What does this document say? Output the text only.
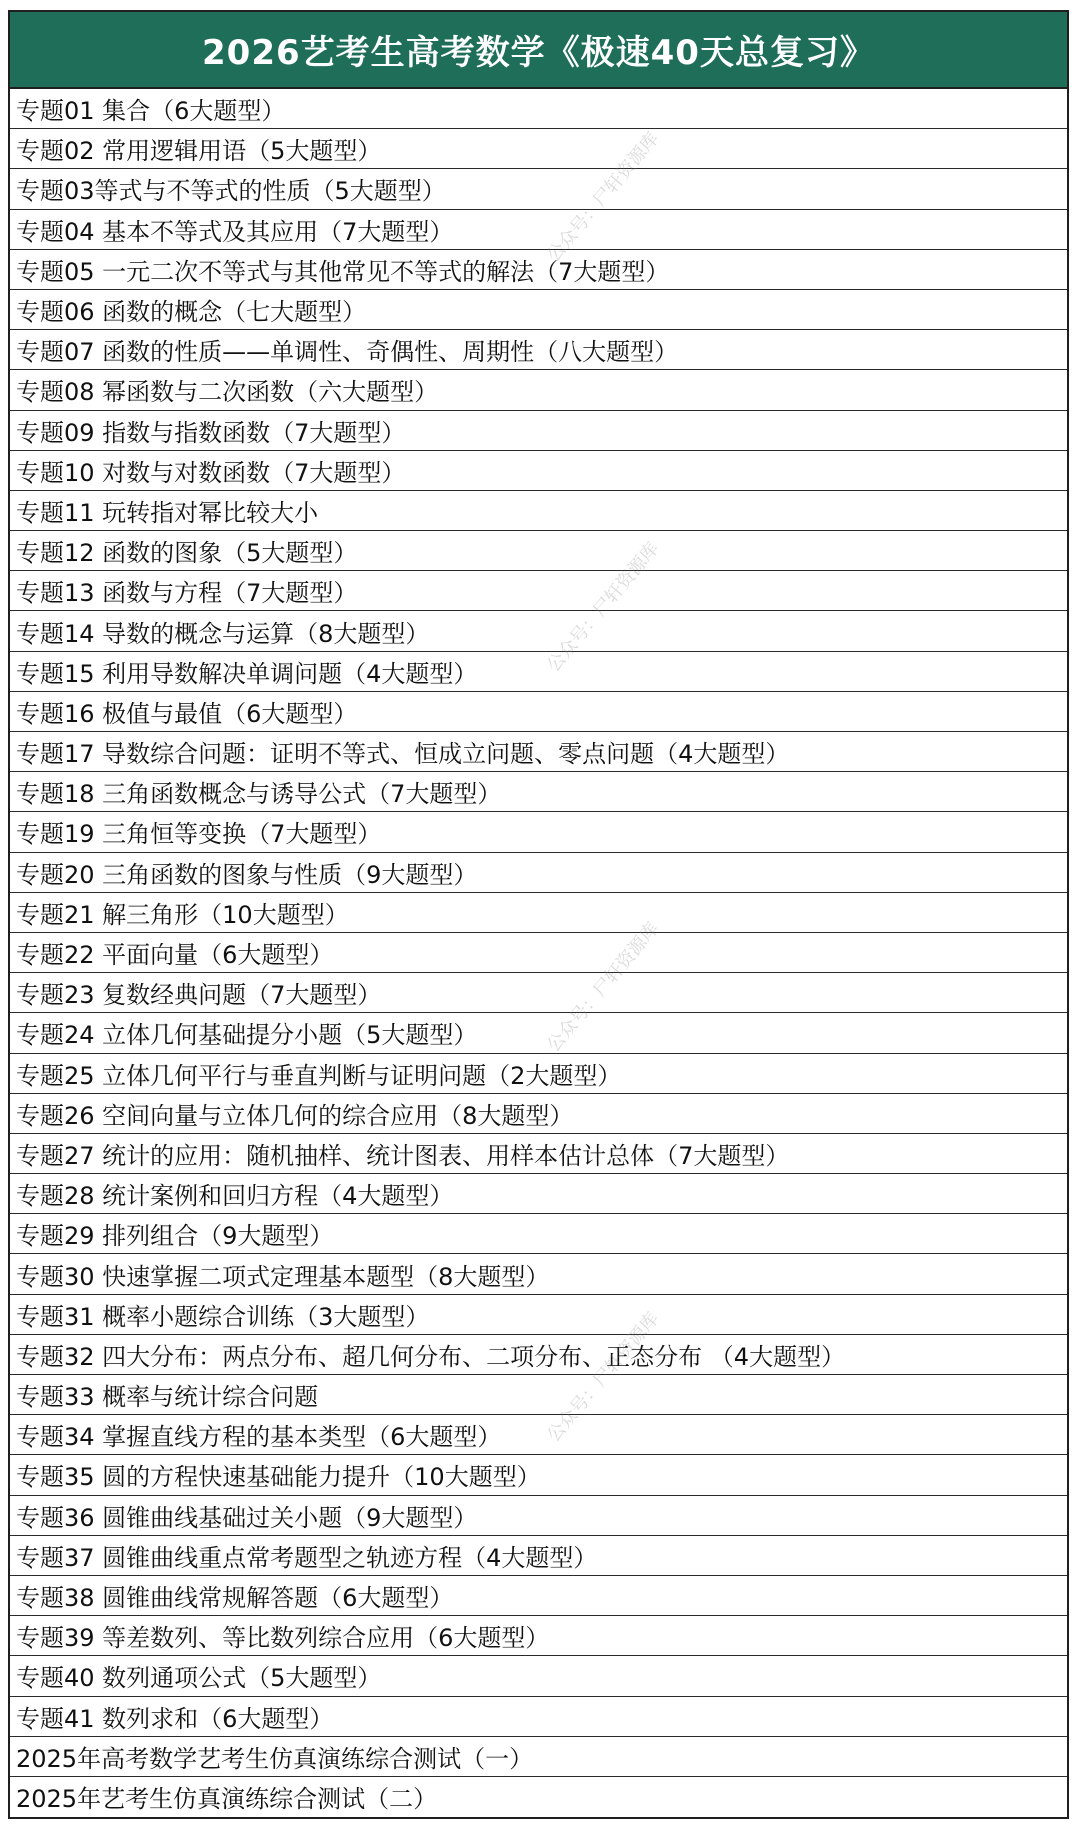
2026艺考生高考数学《极速40天总复习》
专题01 集合（6大题型）
专题02 常用逻辑用语（5大题型）
专题03等式与不等式的性质（5大题型）
专题04 基本不等式及其应用（7大题型）
专题05 一元二次不等式与其他常见不等式的解法（7大题型）
专题06 函数的概念（七大题型）
专题07 函数的性质——单调性、奇偶性、周期性（八大题型）
专题08 幂函数与二次函数（六大题型）
专题09 指数与指数函数（7大题型）
专题10 对数与对数函数（7大题型）
专题11 玩转指对幂比较大小
专题12 函数的图象（5大题型）
专题13 函数与方程（7大题型）
专题14 导数的概念与运算（8大题型）
专题15 利用导数解决单调问题（4大题型）
专题16 极值与最值（6大题型）
专题17 导数综合问题：证明不等式、恒成立问题、零点问题（4大题型）
专题18 三角函数概念与诱导公式（7大题型）
专题19 三角恒等变换（7大题型）
专题20 三角函数的图象与性质（9大题型）
专题21 解三角形（10大题型）
专题22 平面向量（6大题型）
专题23 复数经典问题（7大题型）
专题24 立体几何基础提分小题（5大题型）
专题25 立体几何平行与垂直判断与证明问题（2大题型）
专题26 空间向量与立体几何的综合应用（8大题型）
专题27 统计的应用：随机抽样、统计图表、用样本估计总体（7大题型）
专题28 统计案例和回归方程（4大题型）
专题29 排列组合（9大题型）
专题30 快速掌握二项式定理基本题型（8大题型）
专题31 概率小题综合训练（3大题型）
专题32 四大分布：两点分布、超几何分布、二项分布、正态分布 （4大题型）
专题33 概率与统计综合问题
专题34 掌握直线方程的基本类型（6大题型）
专题35 圆的方程快速基础能力提升（10大题型）
专题36 圆锥曲线基础过关小题（9大题型）
专题37 圆锥曲线重点常考题型之轨迹方程（4大题型）
专题38 圆锥曲线常规解答题（6大题型）
专题39 等差数列、等比数列综合应用（6大题型）
专题40 数列通项公式（5大题型）
专题41 数列求和（6大题型）
2025年高考数学艺考生仿真演练综合测试（一）
2025年艺考生仿真演练综合测试（二）
公众号：尸轩资源库
公众号：尸轩资源库
公众号：尸轩资源库
公众号：尸轩资源库
